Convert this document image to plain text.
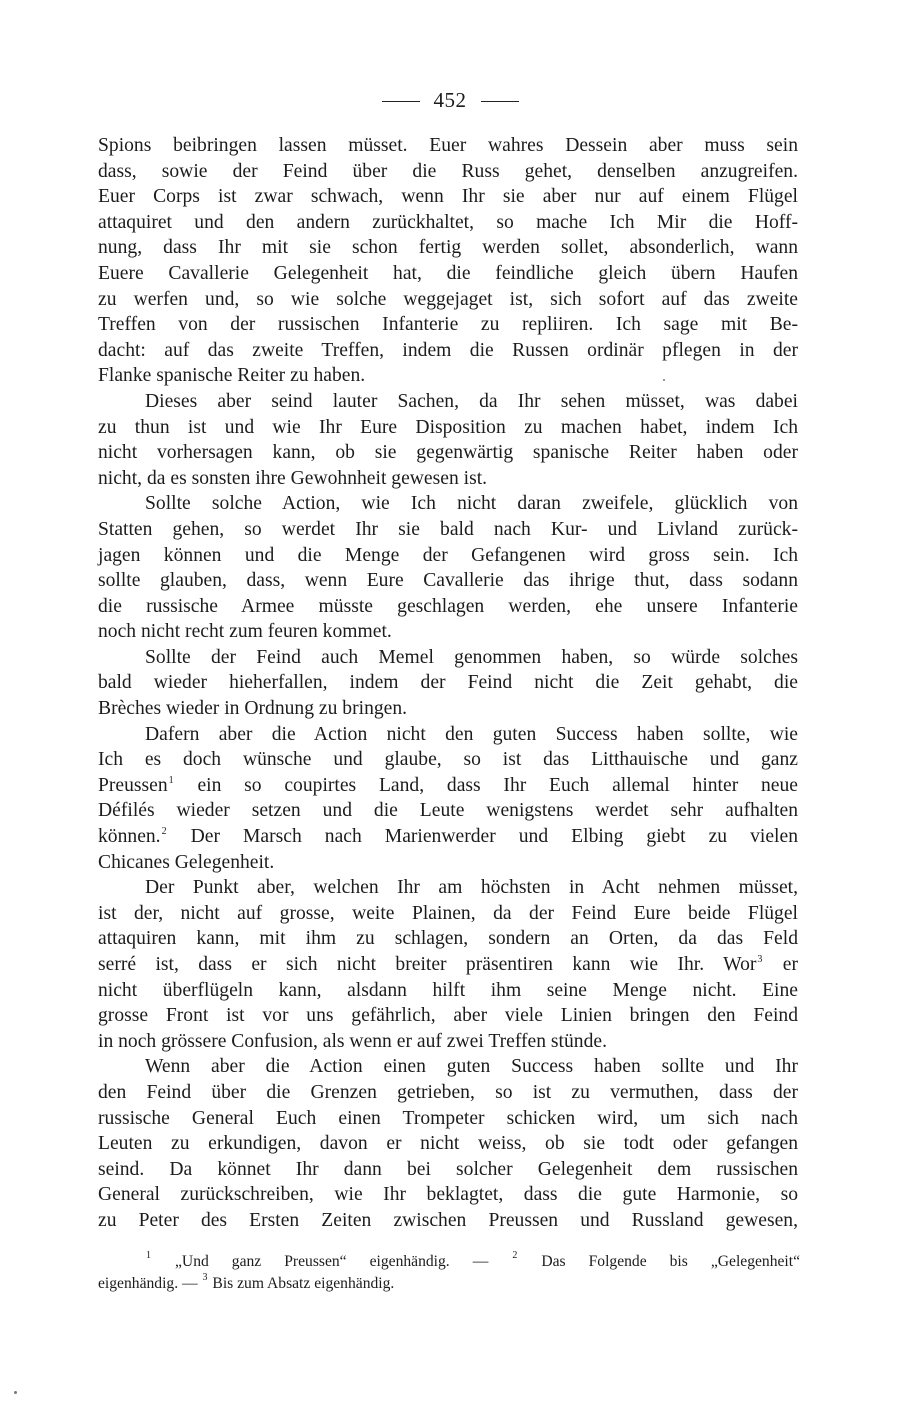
452
Spions beibringen lassen müsset. Euer wahres Dessein aber muss sein
dass, sowie der Feind über die Russ gehet, denselben anzugreifen.
Euer Corps ist zwar schwach, wenn Ihr sie aber nur auf einem Flügel
attaquiret und den andern zurückhaltet, so mache Ich Mir die Hoff-
nung, dass Ihr mit sie schon fertig werden sollet, absonderlich, wann
Euere Cavallerie Gelegenheit hat, die feindliche gleich übern Haufen
zu werfen und, so wie solche weggejaget ist, sich sofort auf das zweite
Treffen von der russischen Infanterie zu repliiren. Ich sage mit Be-
dacht: auf das zweite Treffen, indem die Russen ordinär pflegen in der
Flanke spanische Reiter zu haben.
Dieses aber seind lauter Sachen, da Ihr sehen müsset, was dabei
zu thun ist und wie Ihr Eure Disposition zu machen habet, indem Ich
nicht vorhersagen kann, ob sie gegenwärtig spanische Reiter haben oder
nicht, da es sonsten ihre Gewohnheit gewesen ist.
Sollte solche Action, wie Ich nicht daran zweifele, glücklich von
Statten gehen, so werdet Ihr sie bald nach Kur- und Livland zurück-
jagen können und die Menge der Gefangenen wird gross sein. Ich
sollte glauben, dass, wenn Eure Cavallerie das ihrige thut, dass sodann
die russische Armee müsste geschlagen werden, ehe unsere Infanterie
noch nicht recht zum feuren kommet.
Sollte der Feind auch Memel genommen haben, so würde solches
bald wieder hieherfallen, indem der Feind nicht die Zeit gehabt, die
Brèches wieder in Ordnung zu bringen.
Dafern aber die Action nicht den guten Success haben sollte, wie
Ich es doch wünsche und glaube, so ist das Litthauische und ganz
Preussen$^1$ ein so coupirtes Land, dass Ihr Euch allemal hinter neue
Défilés wieder setzen und die Leute wenigstens werdet sehr aufhalten
können.$^2$ Der Marsch nach Marienwerder und Elbing giebt zu vielen
Chicanes Gelegenheit.
Der Punkt aber, welchen Ihr am höchsten in Acht nehmen müsset,
ist der, nicht auf grosse, weite Plainen, da der Feind Eure beide Flügel
attaquiren kann, mit ihm zu schlagen, sondern an Orten, da das Feld
serré ist, dass er sich nicht breiter präsentiren kann wie Ihr. Wor$^3$ er
nicht überflügeln kann, alsdann hilft ihm seine Menge nicht. Eine
grosse Front ist vor uns gefährlich, aber viele Linien bringen den Feind
in noch grössere Confusion, als wenn er auf zwei Treffen stünde.
Wenn aber die Action einen guten Success haben sollte und Ihr
den Feind über die Grenzen getrieben, so ist zu vermuthen, dass der
russische General Euch einen Trompeter schicken wird, um sich nach
Leuten zu erkundigen, davon er nicht weiss, ob sie todt oder gefangen
seind. Da könnet Ihr dann bei solcher Gelegenheit dem russischen
General zurückschreiben, wie Ihr beklagtet, dass die gute Harmonie, so
zu Peter des Ersten Zeiten zwischen Preussen und Russland gewesen,
$^1$ „Und ganz Preussen“ eigenhändig. — $^2$ Das Folgende bis „Gelegenheit“
eigenhändig. — $^3$ Bis zum Absatz eigenhändig.
